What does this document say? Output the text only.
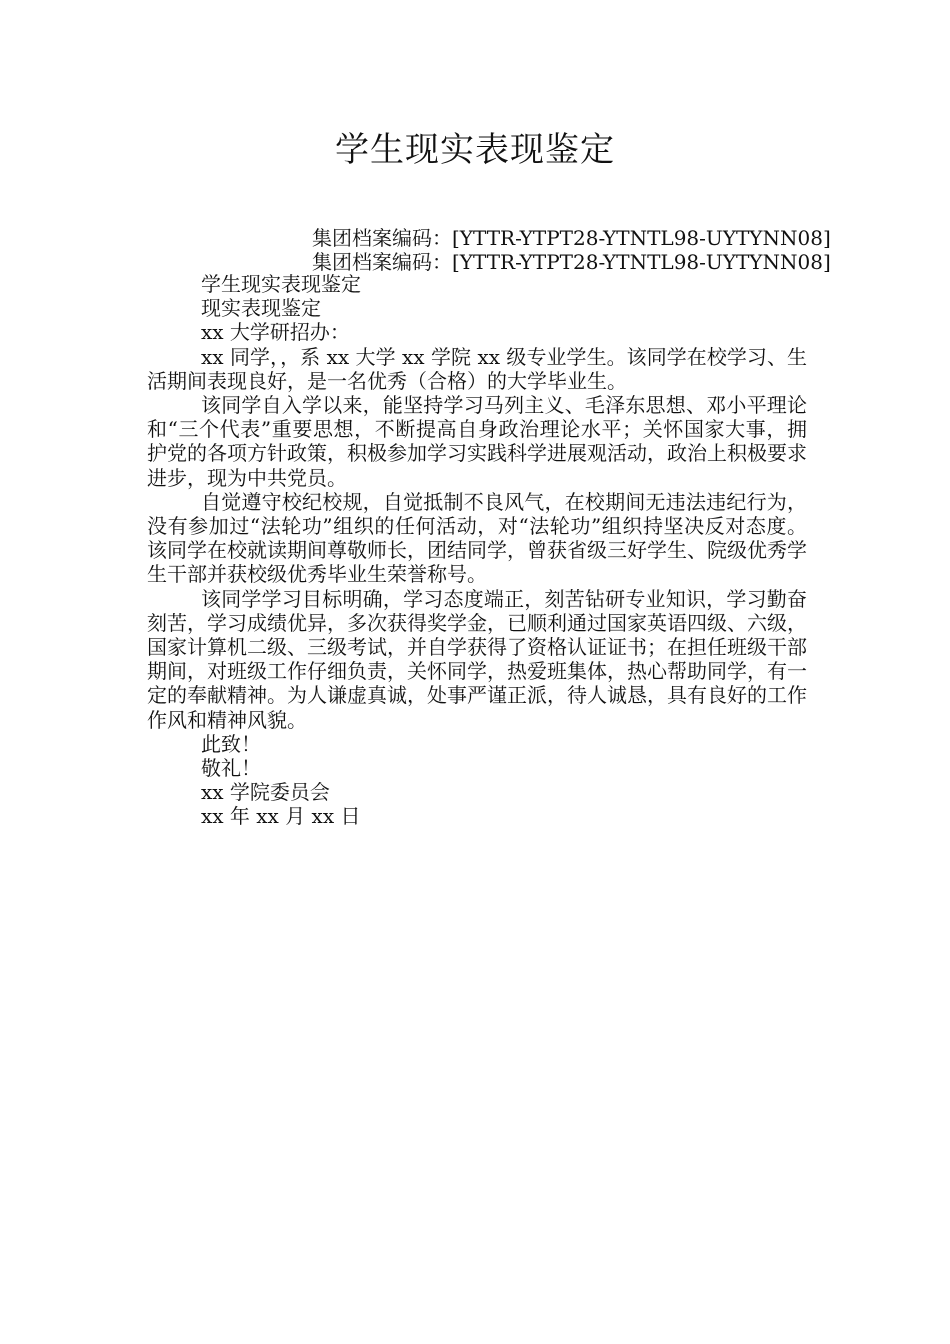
学生现实表现鉴定
集团档案编码：[YTTR-YTPT28-YTNTL98-UYTYNN08]
集团档案编码：[YTTR-YTPT28-YTNTL98-UYTYNN08]

学生现实表现鉴定

现实表现鉴定

xx 大学研招办：

xx 同学，，系 xx 大学 xx 学院 xx 级专业学生。该同学在校学习、生活期间表现良好，是一名优秀（合格）的大学毕业生。

该同学自入学以来，能坚持学习马列主义、毛泽东思想、邓小平理论和“三个代表”重要思想，不断提高自身政治理论水平；关怀国家大事，拥护党的各项方针政策，积极参加学习实践科学进展观活动，政治上积极要求进步，现为中共党员。

自觉遵守校纪校规，自觉抵制不良风气，在校期间无违法违纪行为，没有参加过“法轮功”组织的任何活动，对“法轮功”组织持坚决反对态度。该同学在校就读期间尊敬师长，团结同学，曾获省级三好学生、院级优秀学生干部并获校级优秀毕业生荣誉称号。

该同学学习目标明确，学习态度端正，刻苦钻研专业知识，学习勤奋刻苦，学习成绩优异，多次获得奖学金，已顺利通过国家英语四级、六级，国家计算机二级、三级考试，并自学获得了资格认证证书；在担任班级干部期间，对班级工作仔细负责，关怀同学，热爱班集体，热心帮助同学，有一定的奉献精神。为人谦虚真诚，处事严谨正派，待人诚恳，具有良好的工作作风和精神风貌。

此致！

敬礼！

xx 学院委员会

xx 年 xx 月 xx 日
